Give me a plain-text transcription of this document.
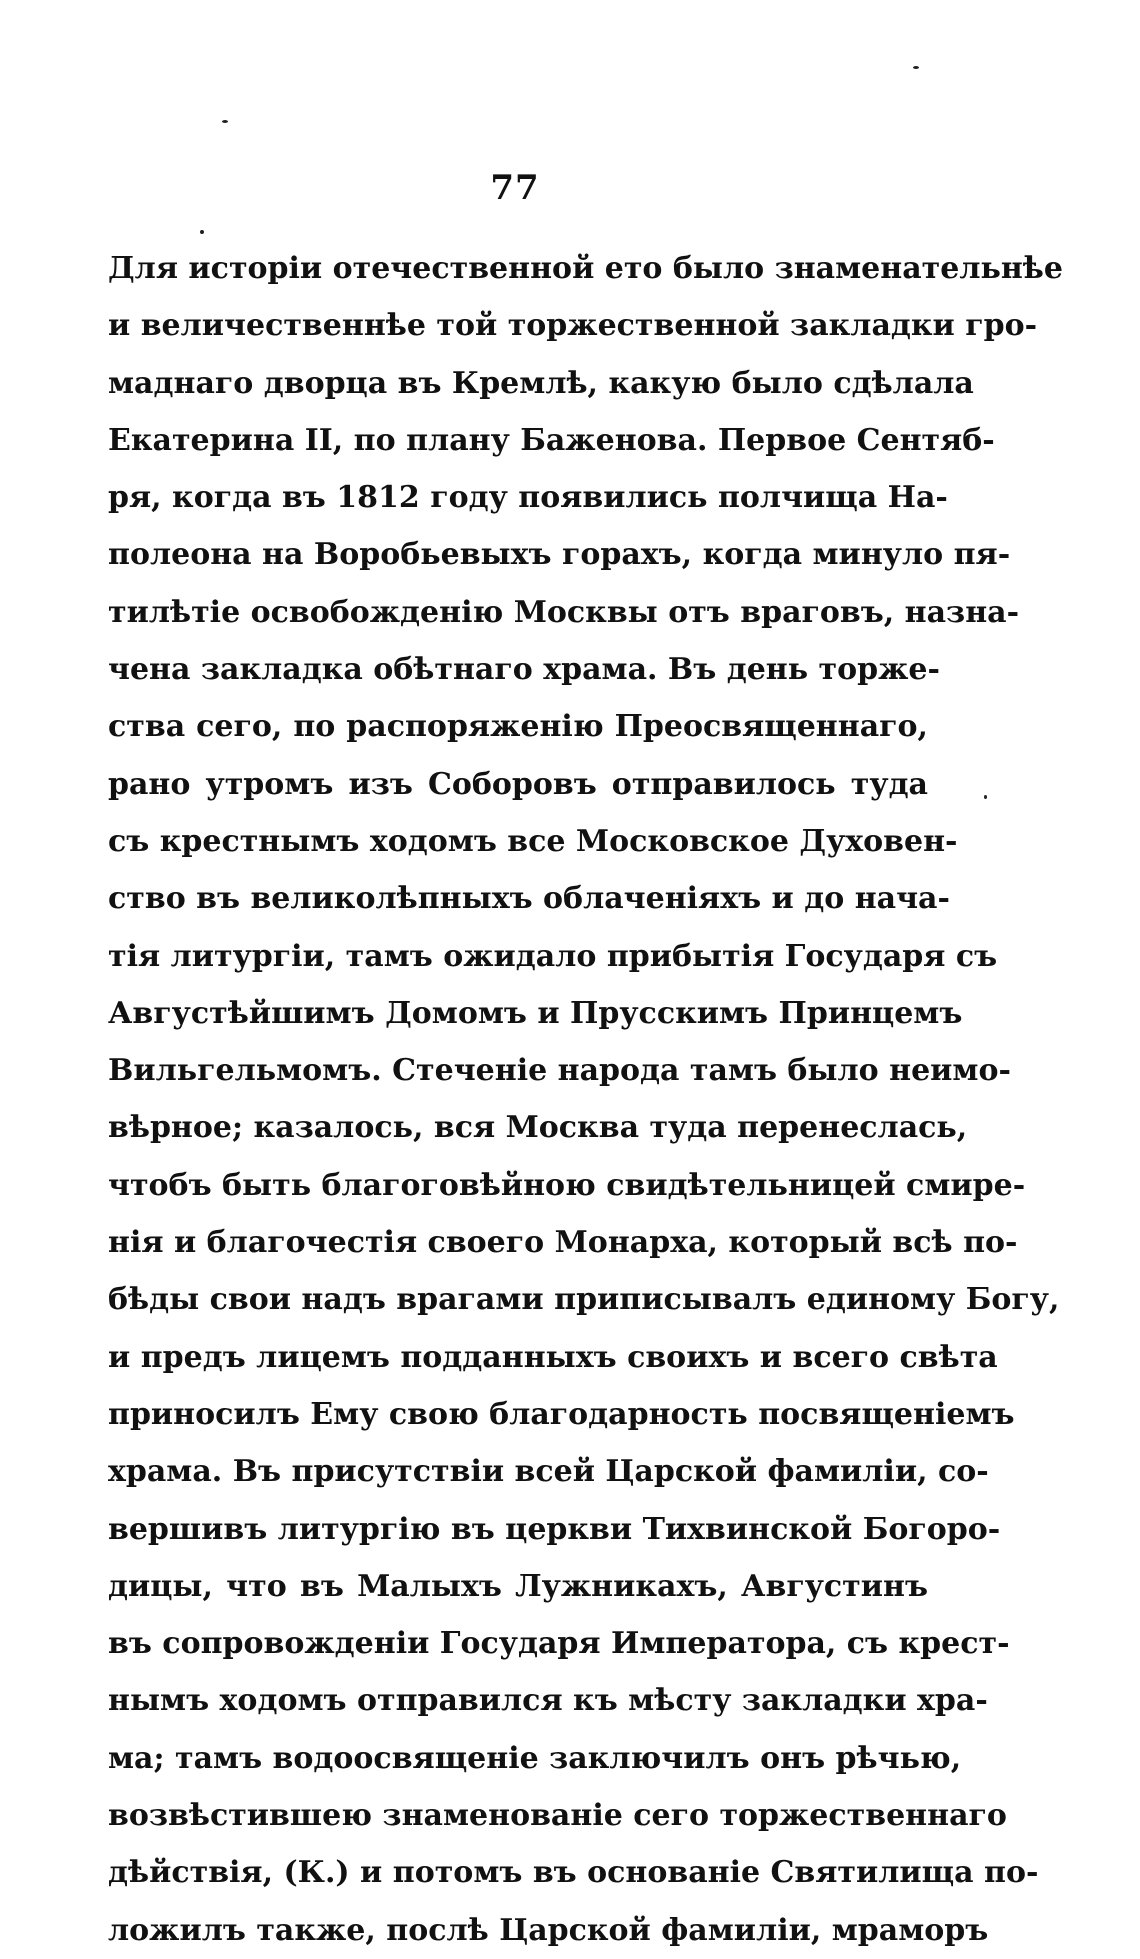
77
Для исторіи отечественной ето было знаменательнѣе
и величественнѣе той торжественной закладки гро-
маднаго дворца въ Кремлѣ, какую было сдѣлала
Екатерина II, по плану Баженова. Первое Сентяб-
ря, когда въ 1812 году появились полчища На-
полеона на Воробьевыхъ горахъ, когда минуло пя-
тилѣтіе освобожденію Москвы отъ враговъ, назна-
чена закладка обѣтнаго храма. Въ день торже-
ства сего, по распоряженію Преосвященнаго,
рано утромъ изъ Соборовъ отправилось туда
съ крестнымъ ходомъ все Московское Духовен-
ство въ великолѣпныхъ облаченіяхъ и до нача-
тія литургіи, тамъ ожидало прибытія Государя съ
Августѣйшимъ Домомъ и Прусскимъ Принцемъ
Вильгельмомъ. Стеченіе народа тамъ было неимо-
вѣрное; казалось, вся Москва туда перенеслась,
чтобъ быть благоговѣйною свидѣтельницей смире-
нія и благочестія своего Монарха, который всѣ по-
бѣды свои надъ врагами приписывалъ единому Богу,
и предъ лицемъ подданныхъ своихъ и всего свѣта
приносилъ Ему свою благодарность посвященіемъ
храма. Въ присутствіи всей Царской фамиліи, со-
вершивъ литургію въ церкви Тихвинской Богоро-
дицы, что въ Малыхъ Лужникахъ, Августинъ
въ сопровожденіи Государя Императора, съ крест-
нымъ ходомъ отправился къ мѣсту закладки хра-
ма; тамъ водоосвященіе заключилъ онъ рѣчью,
возвѣстившею знаменованіе сего торжественнаго
дѣйствія, (К.) и потомъ въ основаніе Святилища по-
ложилъ также, послѣ Царской фамиліи, мраморъ
